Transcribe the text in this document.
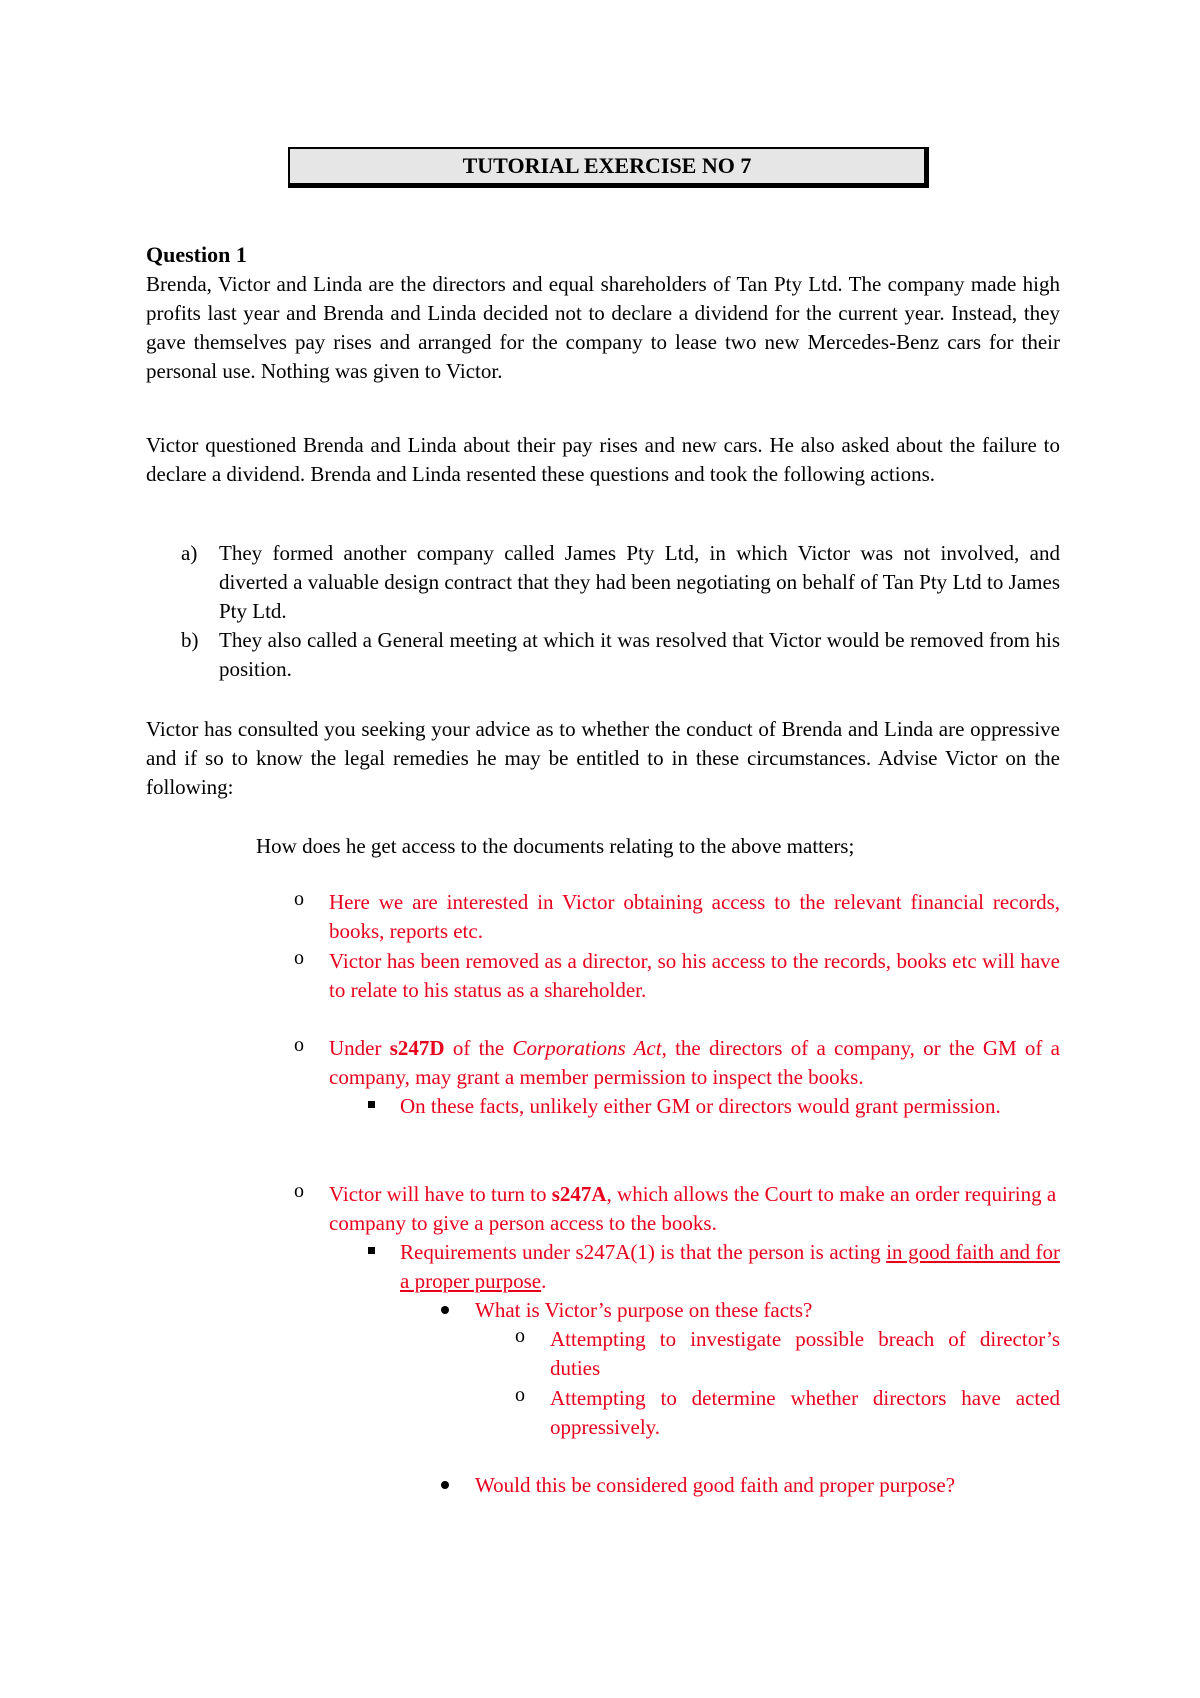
TUTORIAL EXERCISE NO 7
Question 1
Brenda, Victor and Linda are the directors and equal shareholders of Tan Pty Ltd. The company made high profits last year and Brenda and Linda decided not to declare a dividend for the current year. Instead, they gave themselves pay rises and arranged for the company to lease two new Mercedes-Benz cars for their personal use. Nothing was given to Victor.
Victor questioned Brenda and Linda about their pay rises and new cars. He also asked about the failure to declare a dividend. Brenda and Linda resented these questions and took the following actions.
a) They formed another company called James Pty Ltd, in which Victor was not involved, and diverted a valuable design contract that they had been negotiating on behalf of Tan Pty Ltd to James Pty Ltd.
b) They also called a General meeting at which it was resolved that Victor would be removed from his position.
Victor has consulted you seeking your advice as to whether the conduct of Brenda and Linda are oppressive and if so to know the legal remedies he may be entitled to in these circumstances. Advise Victor on the following:
How does he get access to the documents relating to the above matters;
o Here we are interested in Victor obtaining access to the relevant financial records, books, reports etc.
o Victor has been removed as a director, so his access to the records, books etc will have to relate to his status as a shareholder.
o Under s247D of the Corporations Act, the directors of a company, or the GM of a company, may grant a member permission to inspect the books.
On these facts, unlikely either GM or directors would grant permission.
o Victor will have to turn to s247A, which allows the Court to make an order requiring a company to give a person access to the books.
Requirements under s247A(1) is that the person is acting in good faith and for a proper purpose.
What is Victor’s purpose on these facts?
o Attempting to investigate possible breach of director’s duties
o Attempting to determine whether directors have acted oppressively.
Would this be considered good faith and proper purpose?
